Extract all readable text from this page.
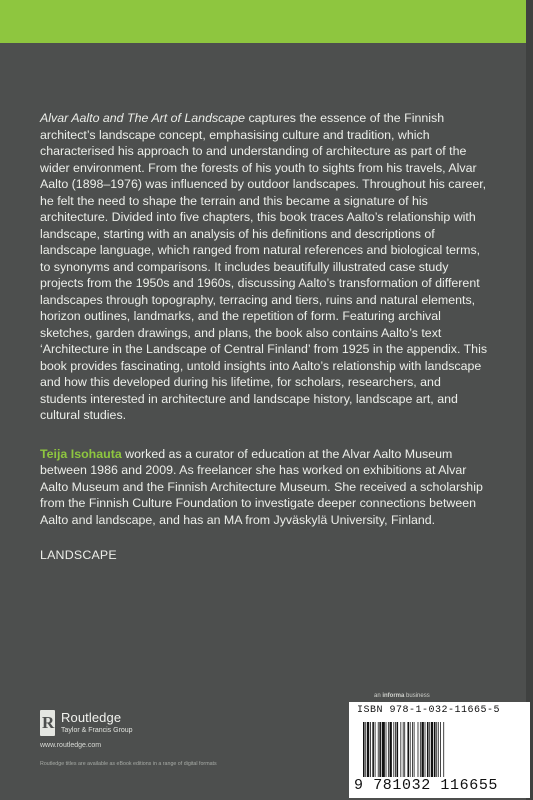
Alvar Aalto and The Art of Landscape captures the essence of the Finnish architect’s landscape concept, emphasising culture and tradition, which characterised his approach to and understanding of architecture as part of the wider environment. From the forests of his youth to sights from his travels, Alvar Aalto (1898–1976) was influenced by outdoor landscapes. Throughout his career, he felt the need to shape the terrain and this became a signature of his architecture. Divided into five chapters, this book traces Aalto’s relationship with landscape, starting with an analysis of his definitions and descriptions of landscape language, which ranged from natural references and biological terms, to synonyms and comparisons. It includes beautifully illustrated case study projects from the 1950s and 1960s, discussing Aalto’s transformation of different landscapes through topography, terracing and tiers, ruins and natural elements, horizon outlines, landmarks, and the repetition of form. Featuring archival sketches, garden drawings, and plans, the book also contains Aalto’s text ‘Architecture in the Landscape of Central Finland’ from 1925 in the appendix. This book provides fascinating, untold insights into Aalto’s relationship with landscape and how this developed during his lifetime, for scholars, researchers, and students interested in architecture and landscape history, landscape art, and cultural studies.

Teija Isohauta worked as a curator of education at the Alvar Aalto Museum between 1986 and 2009. As freelancer she has worked on exhibitions at Alvar Aalto Museum and the Finnish Architecture Museum. She received a scholarship from the Finnish Culture Foundation to investigate deeper connections between Aalto and landscape, and has an MA from Jyväskylä University, Finland.

LANDSCAPE

an informa business
R Routledge
Taylor & Francis Group
www.routledge.com
Routledge titles are available as eBook editions in a range of digital formats
ISBN 978-1-032-11665-5
9 781032 116655
